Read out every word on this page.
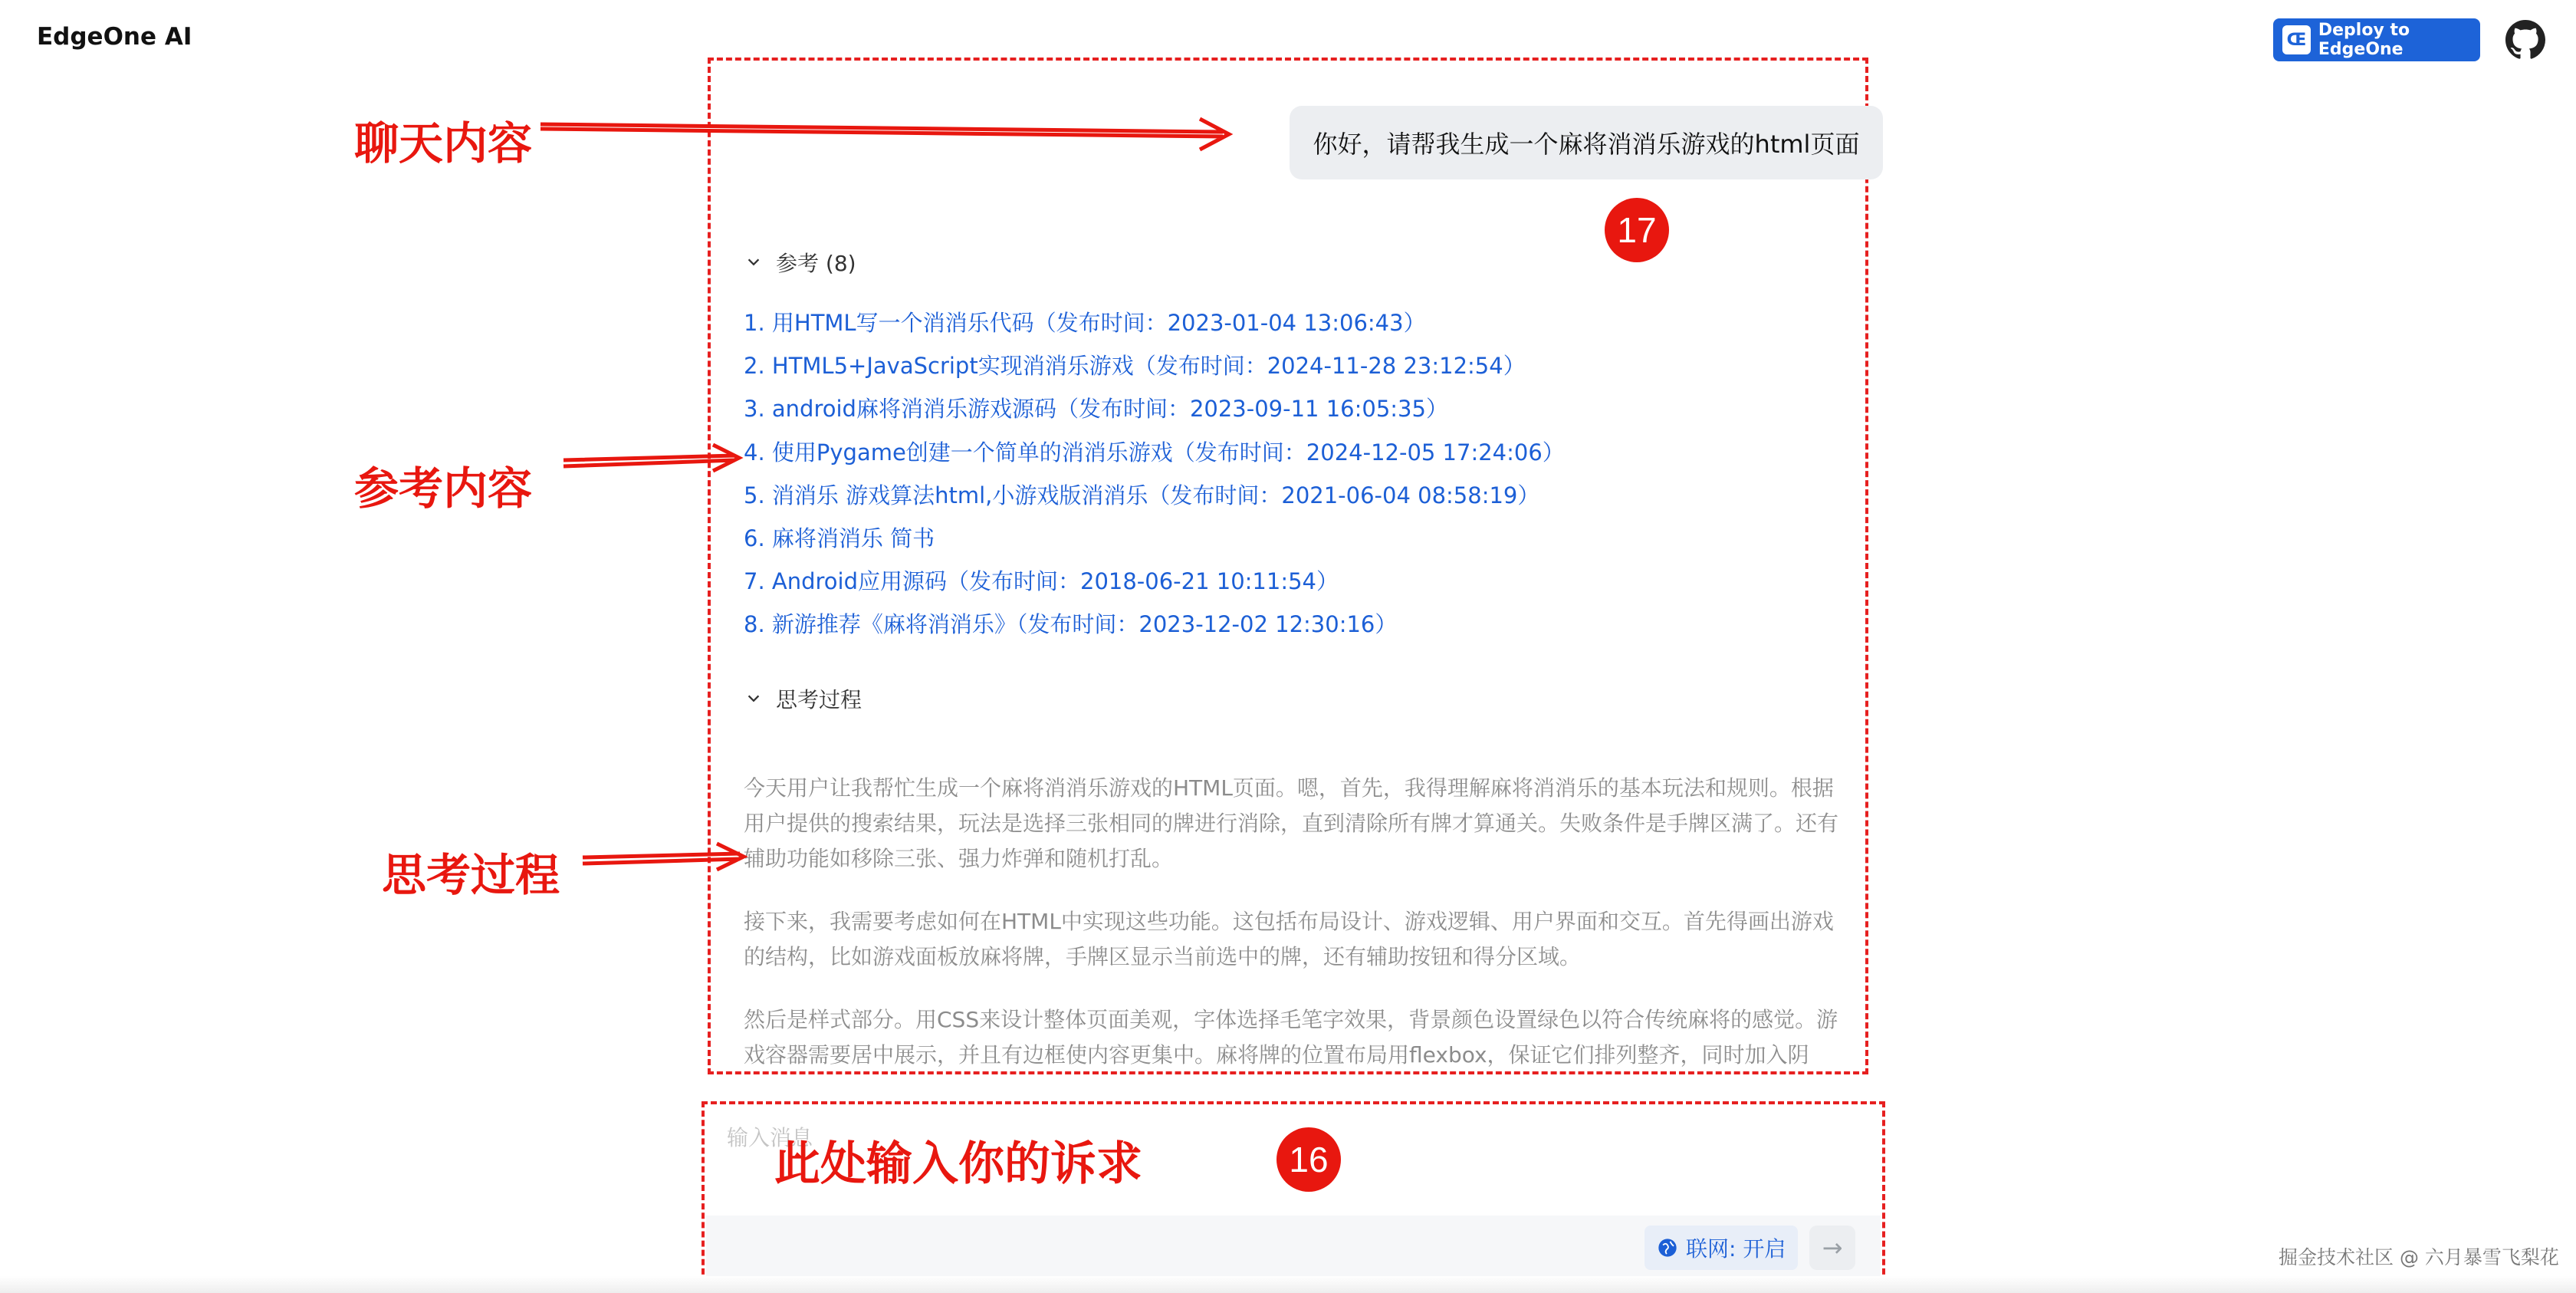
EdgeOne AI	Œ Deploy to EdgeOne
你好，请帮我生成一个麻将消消乐游戏的html页面
17
参考 (8)
1. 用HTML写一个消消乐代码（发布时间：2023-01-04 13:06:43）
2. HTML5+JavaScript实现消消乐游戏（发布时间：2024-11-28 23:12:54）
3. android麻将消消乐游戏源码（发布时间：2023-09-11 16:05:35）
4. 使用Pygame创建一个简单的消消乐游戏（发布时间：2024-12-05 17:24:06）
5. 消消乐 游戏算法html,小游戏版消消乐（发布时间：2021-06-04 08:58:19）
6. 麻将消消乐 简书
7. Android应用源码（发布时间：2018-06-21 10:11:54）
8. 新游推荐《麻将消消乐》（发布时间：2023-12-02 12:30:16）
思考过程

今天用户让我帮忙生成一个麻将消消乐游戏的HTML页面。嗯，首先，我得理解麻将消消乐的基本玩法和规则。根据用户提供的搜索结果，玩法是选择三张相同的牌进行消除，直到清除所有牌才算通关。失败条件是手牌区满了。还有辅助功能如移除三张、强力炸弹和随机打乱。

接下来，我需要考虑如何在HTML中实现这些功能。这包括布局设计、游戏逻辑、用户界面和交互。首先得画出游戏的结构，比如游戏面板放麻将牌，手牌区显示当前选中的牌，还有辅助按钮和得分区域。

然后是样式部分。用CSS来设计整体页面美观，字体选择毛笔字效果，背景颜色设置绿色以符合传统麻将的感觉。游戏容器需要居中展示，并且有边框使内容更集中。麻将牌的位置布局用flexbox，保证它们排列整齐，同时加入阴

输入消息
联网: 开启 →
16
聊天内容
参考内容
思考过程
此处输入你的诉求
掘金技术社区 @ 六月暴雪飞梨花
